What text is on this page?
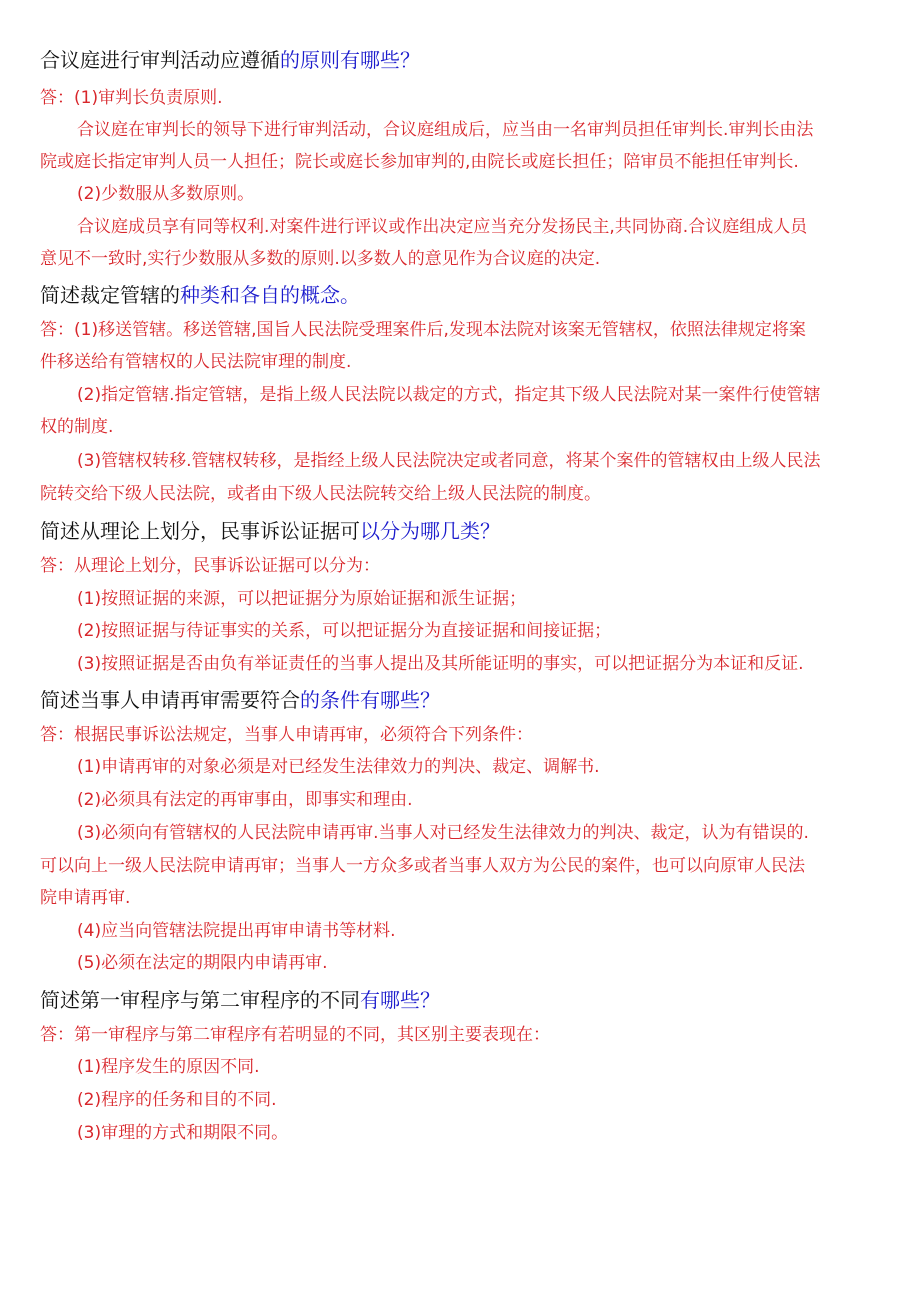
合议庭进行审判活动应遵循的原则有哪些？
答：(1)审判长负责原则.
合议庭在审判长的领导下进行审判活动，合议庭组成后，应当由一名审判员担任审判长.审判长由法
院或庭长指定审判人员一人担任；院长或庭长参加审判的,由院长或庭长担任；陪审员不能担任审判长.
(2)少数服从多数原则。
合议庭成员享有同等权利.对案件进行评议或作出决定应当充分发扬民主,共同协商.合议庭组成人员
意见不一致时,实行少数服从多数的原则.以多数人的意见作为合议庭的决定.
简述裁定管辖的种类和各自的概念。
答：(1)移送管辖。移送管辖,国旨人民法院受理案件后,发现本法院对该案无管辖权，依照法律规定将案
件移送给有管辖权的人民法院审理的制度.
(2)指定管辖.指定管辖，是指上级人民法院以裁定的方式，指定其下级人民法院对某一案件行使管辖
权的制度.
(3)管辖权转移.管辖权转移，是指经上级人民法院决定或者同意，将某个案件的管辖权由上级人民法
院转交给下级人民法院，或者由下级人民法院转交给上级人民法院的制度。
简述从理论上划分，民事诉讼证据可以分为哪几类？
答：从理论上划分，民事诉讼证据可以分为：
(1)按照证据的来源，可以把证据分为原始证据和派生证据；
(2)按照证据与待证事实的关系，可以把证据分为直接证据和间接证据；
(3)按照证据是否由负有举证责任的当事人提出及其所能证明的事实，可以把证据分为本证和反证.
简述当事人申请再审需要符合的条件有哪些？
答：根据民事诉讼法规定，当事人申请再审，必须符合下列条件：
(1)申请再审的对象必须是对已经发生法律效力的判决、裁定、调解书.
(2)必须具有法定的再审事由，即事实和理由.
(3)必须向有管辖权的人民法院申请再审.当事人对已经发生法律效力的判决、裁定，认为有错误的.
可以向上一级人民法院申请再审；当事人一方众多或者当事人双方为公民的案件，也可以向原审人民法
院申请再审.
(4)应当向管辖法院提出再审申请书等材料.
(5)必须在法定的期限内申请再审.
简述第一审程序与第二审程序的不同有哪些？
答：第一审程序与第二审程序有若明显的不同，其区别主要表现在：
(1)程序发生的原因不同.
(2)程序的任务和目的不同.
(3)审理的方式和期限不同。
